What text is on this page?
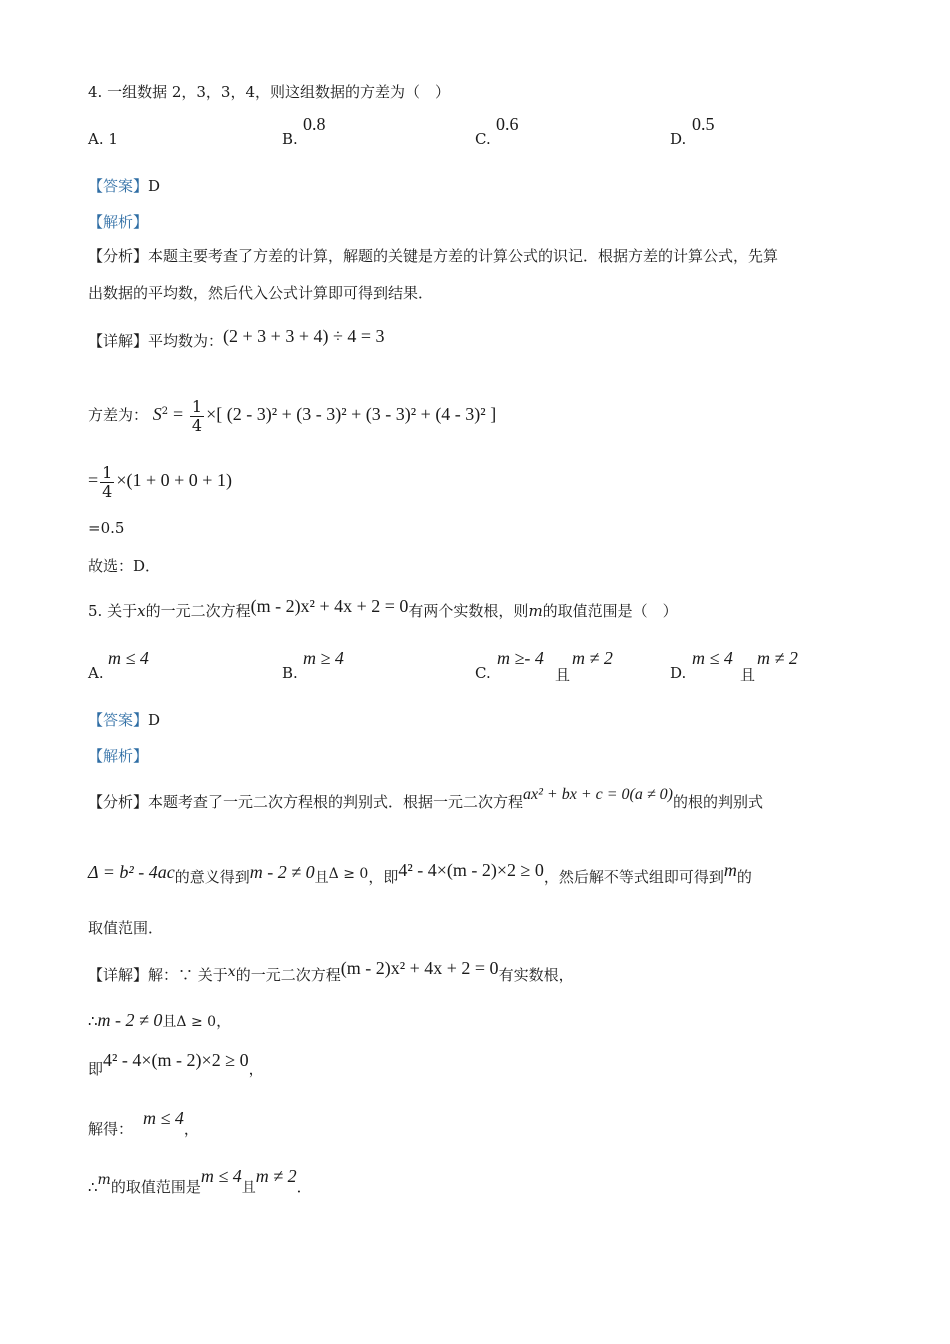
4. 一组数据 2，3，3，4，则这组数据的方差为（　）
A. 1	B.
0.8
C.
0.6
D.
0.5
【答案】D
【解析】
【分析】本题主要考查了方差的计算，解题的关键是方差的计算公式的识记．根据方差的计算公式，先算
出数据的平均数，然后代入公式计算即可得到结果．
【详解】平均数为：(2 + 3 + 3 + 4) ÷ 4 = 3
方差为： $S^2 = \frac{1}{4}$ ×[ (2 - 3)² + (3 - 3)² + (3 - 3)² + (4 - 3)² ]
= $\frac{1}{4} \times(1 + 0 + 0 + 1)$
=0.5
故选：D．
5. 关于x的一元二次方程(m - 2)x² + 4x + 2 = 0有两个实数根，则m的取值范围是（　）
A.
m ≤ 4
B.
m ≥ 4
C.
m ≥- 4
且
m ≠ 2
D.
m ≤ 4
且
m ≠ 2
【答案】D
【解析】
【分析】本题考查了一元二次方程根的判别式．根据一元二次方程ax² + bx + c = 0(a ≠ 0)的根的判别式
Δ = b² - 4ac的意义得到m - 2 ≠ 0且Δ ≥ 0，即4² - 4×(m - 2)×2 ≥ 0，然后解不等式组即可得到m的
取值范围．
【详解】解：∵ 关于x的一元二次方程(m - 2)x² + 4x + 2 = 0有实数根，
∴m - 2 ≠ 0且Δ ≥ 0，
即4² - 4×(m - 2)×2 ≥ 0，
解得：m ≤ 4，
∴m的取值范围是m ≤ 4且m ≠ 2．
